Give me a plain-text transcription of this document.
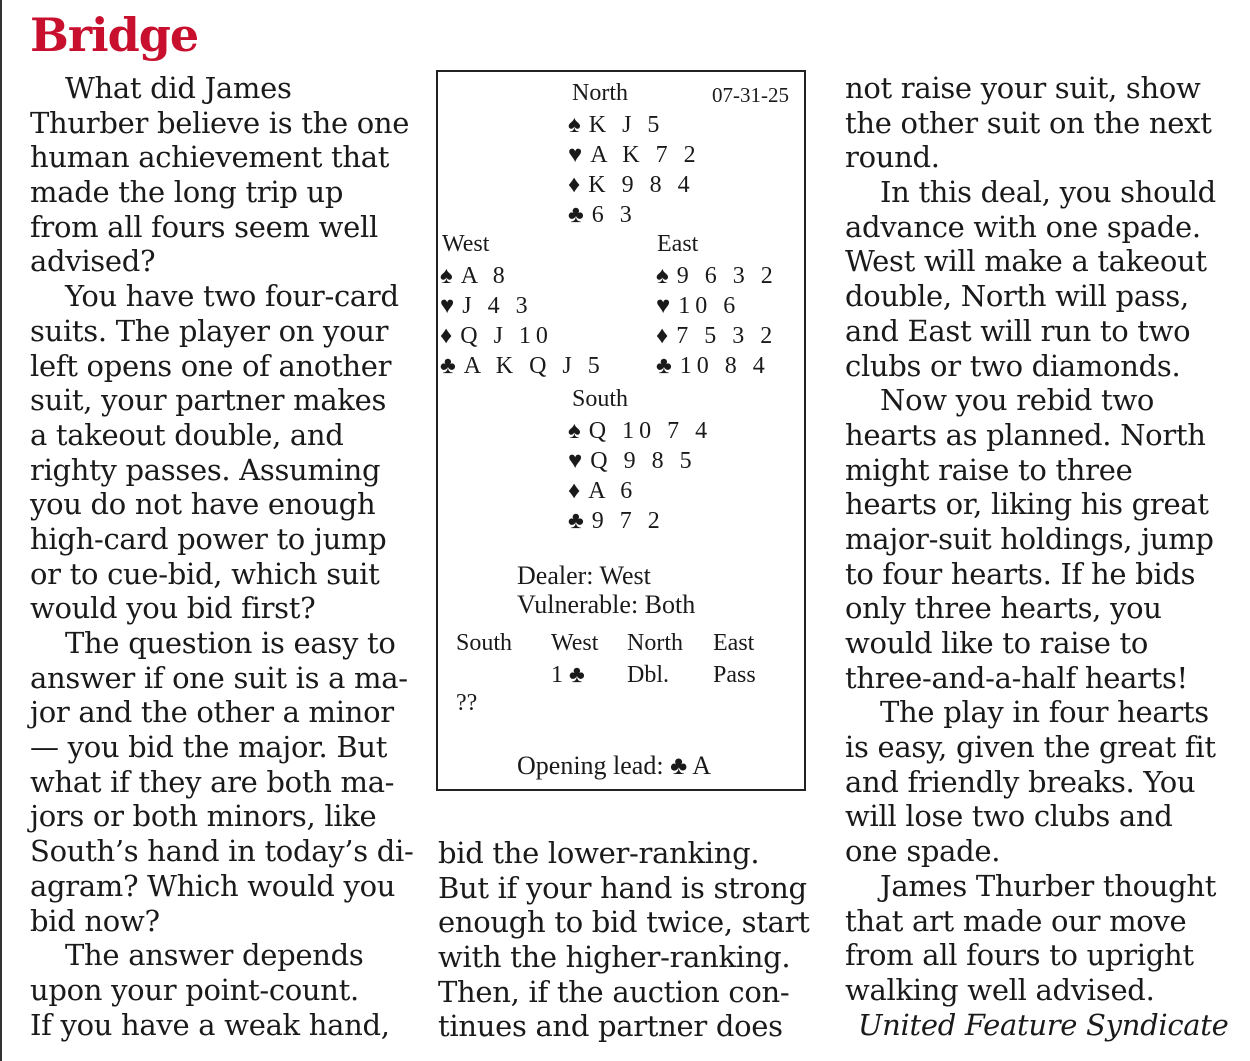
Bridge
What did James
Thurber believe is the one
human achievement that
made the long trip up
from all fours seem well
advised?
You have two four-card
suits. The player on your
left opens one of another
suit, your partner makes
a takeout double, and
righty passes. Assuming
you do not have enough
high-card power to jump
or to cue-bid, which suit
would you bid first?
The question is easy to
answer if one suit is a ma-
jor and the other a minor
— you bid the major. But
what if they are both ma-
jors or both minors, like
South’s hand in today’s di-
agram? Which would you
bid now?
The answer depends
upon your point-count.
If you have a weak hand,
North	07-31-25
West	East
South
Dealer: West
Vulnerable: Both
South West North East
1 ♣ Dbl. Pass
??
Opening lead: ♣ A
♠ K J 5
♥ A K 7 2
♦ K 9 8 4
♣ 6 3
♠ A 8
♥ J 4 3
♦ Q J 10
♣ A K Q J 5
♠ 9 6 3 2
♥ 10 6
♦ 7 5 3 2
♣ 10 8 4
♠ Q 10 7 4
♥ Q 9 8 5
♦ A 6
♣ 9 7 2
bid the lower-ranking.
But if your hand is strong
enough to bid twice, start
with the higher-ranking.
Then, if the auction con-
tinues and partner does
not raise your suit, show
the other suit on the next
round.
In this deal, you should
advance with one spade.
West will make a takeout
double, North will pass,
and East will run to two
clubs or two diamonds.
Now you rebid two
hearts as planned. North
might raise to three
hearts or, liking his great
major-suit holdings, jump
to four hearts. If he bids
only three hearts, you
would like to raise to
three-and-a-half hearts!
The play in four hearts
is easy, given the great fit
and friendly breaks. You
will lose two clubs and
one spade.
James Thurber thought
that art made our move
from all fours to upright
walking well advised.
United Feature Syndicate
